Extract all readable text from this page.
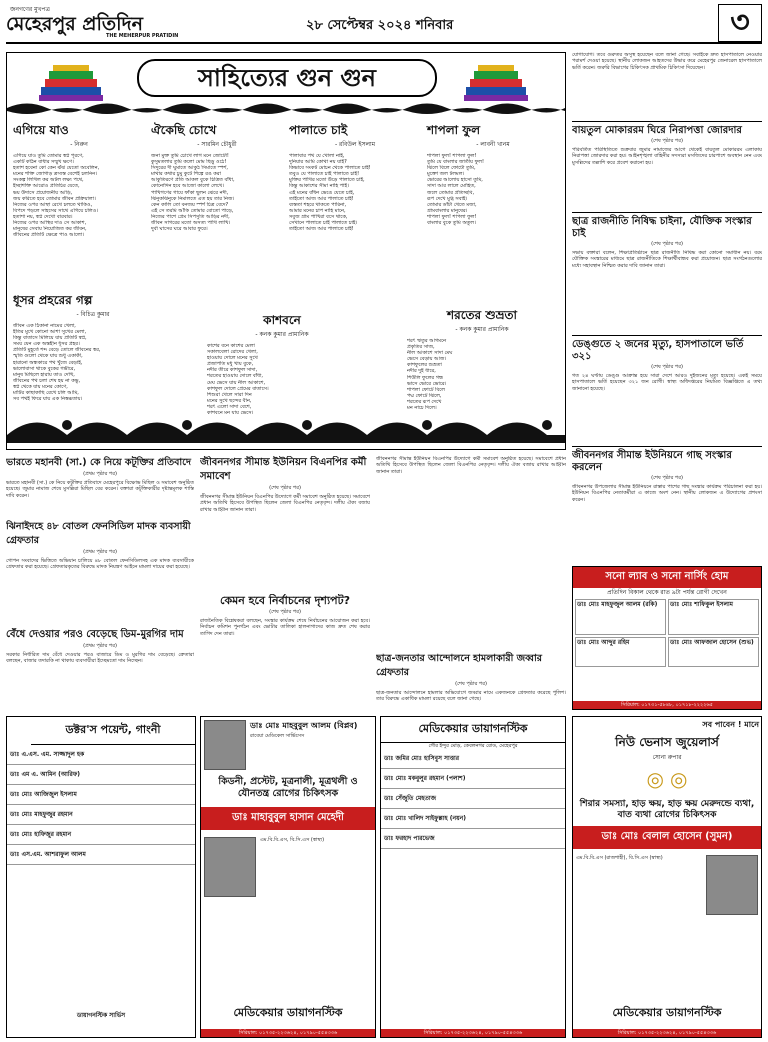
জনগণের মুখপত্র
মেহেরপুর প্রতিদিন
THE MEHERPUR PRATIDIN
২৮ সেপ্টেম্বর ২০২৪ শনিবার	৩
সাহিত্যের গুন গুন
এগিয়ে যাও
- নিরুন
এগিয়ে যাও তুমি তোমার স্বপ্ন পূরণে,
একটি কঠিন বাধার সম্মুখ ক্ষণে।
হতাশ হবেনা কো কেন ঝঁঝ যেতো অবেলিন,
মনের শক্তি জোগাড় ত্রস্যস্ত বেশেই চলনিন।
সংকল্প লিখিল কর অটল লক্ষ্য পথে,
ইচ্ছাশক্তি আরোও প্রতিচির যেতে,
ভয় উদাসে প্রয়োজনীয় আড়ি,
জয় করিতে হবে তোমার জীবন প্রক্রিয়ালা।
নিজের ওপর আস্থা রেখে চলতে থাকিও,
বিপদে পড়লে সাহসের সাথে এগিয়ে চলিও।
হতাশা নয়, স্বপ্ন দেখো বারবার।
নিজের ওপর আস্থির দাও সে আকাশ,
মানুষের সেবায় নিয়োজিত কর জীবন,
জীবনের প্রতিটি ক্ষেত্রে পাও আলো।
ঐকেছি চোখে
- সারমিন চৌধুরী
জনা মুক্ত তুমি চোখে লাগ মনে জোটো!
কুসুমতলার তুমি কলো মোম ছিঁড়ু ওঠে!
সিদুরের দী ঘুমাতে আকুঠ সিমাতে স্পর্শ,
মাথার কথার চুমু কুটে শিল্পে রঙ করা
আকুতিরণে প্রতি আকল বুকে চিত্রিত বাঁধা,
কোনোদিন হবে আজো কালো লেখে।
পাখিগণের গায়ে ফাঁকা ছুলন ঝেরে নদী,
ঝিনুকঝিনুকে নিমালতে এত হয় তার নিজ।
কেন কালি তো বনজয় স্পর্শ চিত্র বেদে?
এই সে তরমি আঁকি তোমার বোতো পাড়ে,
নিজের পাশে প্রেম সিপসুতি আড়ির নদী,
জীবন সাগরের মতো অসত্য পাখি লাখি।
দুর্বা ঘাসের ঘরে আবার ফুরে।
পালাতে চাই
- রবিউল ইসলাম
পালাবার পথ যে খোলা নাই,
দুনিয়ার আমি কোথা নয় যাই?
কিভাবে সংকট মোচন থেকে পালাতে চাই!
তবুও যে পালাতে চাই পালাতে চাই!
মুক্তির পাখির মতো উড়ে পালাতে চাই,
কিন্তু আকাশের সীমা নাহি পাই।
এই মনের বাঁধন ভেঙে যেতে চাই,
তাইতো আজ আর পালাতে চাই!
ব্যস্ততা শহরে থাকতে পারিনা,
আমার মনের চাপ নাহি মানে,
সবুজ গ্রাম পাখিরা বসে থাকে,
সেখানে পালাতে চাই পালাতে চাই।
তাইতো আজ আর পালাতে চাই!
শাপলা ফুল
- লাবনী খানম
শাপলা ফুল! শাপলা ফুল!
তুমি যে বাংলার জাতীয় ফুল!
ঝিলে বিলে ফোটো তুমি,
মুক্তো জল টলমল।
ভোরের আলোয় হাসো তুমি,
সাদা আর লালে মোহিত,
জলে তোমার প্রতিচ্ছবি,
রূপ দেখে মুগ্ধ সবাই।
তোমার ডাঁটা খেতে মজা,
গ্রামবাংলার মানুষের।
শাপলা ফুল! শাপলা ফুল!
বাংলার বুকে তুমি অতুল।
ধূসর প্রহরের গল্প
- বিচিত্র কুমার
জীবন এক ঠিকানা নামের খেলা,
ইতির মুখে কোনো আশা সুখের মেলা,
কিন্তু বাতাসে মিলিয়ে যায় প্রতিটি স্বপ্ন,
সময় যেন এক অন্তহীন ধূসর প্রহর।
প্রতিটি মুহূর্তে শব্দ বেড়ে তোলে জীবনের স্বর,
স্মৃতি গুলো থেকে যায় শুধু একাকী,
হারানো অন্ধকারে পথ খুঁজে বেড়াই,
ভালোবাসা থাকে বুকের গভীরে,
মানুষ মিছিলে হারায় তাও দেখি,
জীবনের পথ চলা শেষ হয় না কভু,
স্বপ্ন থেকে যায় মনের কোণে,
মাটির কাছাকাছি রেখে চলি আমি,
সব পথই ফিরে যায় এক নিস্তব্ধতায়।
কাশবনে
- কনক কুমার প্রামানিক
কাশের বনে কাশের মেলা
সকালবেলা রোদের খেলা,
হাওয়ায় দোলে মনের সুখে
প্রজাপতি মধু খায় বুকে,
নদীর তীরে কাশফুল সাদা,
শরতের হাওয়ায় দোলে বাঁধা,
মেঘ ভেসে যায় নীল আকাশে,
কাশফুল দোলে প্রেমের বাতাসে।
শিশুরা খেলে সারা দিন
মনের সুখে ছন্দের বীন,
শরৎ এলো সাদা বেশে,
কাশবনে মন যায় ভেসে।
শরতের শুভ্রতা
- কনক কুমার প্রামানিক
শরৎ ঋতুর আগমনে
প্রকৃতির সাজ,
নীল আকাশে সাদা মেঘ
ভেসে বেড়ায় আজ।
কাশফুলের শুভ্রতা
নদীর দুই ধারে,
শিউলি ফুলের গন্ধ
ভাসে ভোরে ভোরে।
শাপলা ফোটে বিলে
পদ্ম ফোটে ঝিলে,
শরতের রূপ দেখে
মন নাচে দিলে।
যোগাযোগ। তবে গুরুতর অসুস্থ হয়েছেন বলে জানা গেছে। সবাইকে দ্রুত হাসপাতালে নেওয়ার পরামর্শ দেওয়া হয়েছে। স্থানীয় লোকজন আহতদের উদ্ধার করে মেহেরপুর জেনারেল হাসপাতালে ভর্তি করেন। জরুরি বিভাগের চিকিৎসক প্রাথমিক চিকিৎসা দিয়েছেন।
বায়তুল মোকাররম ঘিরে নিরাপত্তা জোরদার
(শেষ পৃষ্ঠার পর)
পরিবর্তিত পরিস্থিতিতে শুক্রবার জুমার নামাজের আগে থেকেই বায়তুল মোকাররম এলাকায় নিরাপত্তা জোরদার করা হয়। আইনশৃঙ্খলা বাহিনীর সদস্যরা মসজিদের চারপাশে অবস্থান নেন এবং মুসল্লিদের তল্লাশি করে প্রবেশ করানো হয়।
ছাত্র রাজনীতি নিষিদ্ধ চাইনা, যৌক্তিক সংস্কার চাই
(শেষ পৃষ্ঠার পর)
সভায় বক্তারা বলেন, শিক্ষাপ্রতিষ্ঠানে ছাত্র রাজনীতি নিষিদ্ধ করা কোনো সমাধান নয়। বরং যৌক্তিক সংস্কারের মাধ্যমে ছাত্র রাজনীতিকে শিক্ষার্থীবান্ধব করা প্রয়োজন। ছাত্র সংগঠনগুলোর মধ্যে সহাবস্থান নিশ্চিত করার দাবি জানান তারা।
ডেঙ্গুতে ২ জনের মৃত্যু, হাসপাতালে ভর্তি ৩২১
(শেষ পৃষ্ঠার পর)
গত ২৪ ঘণ্টায় ডেঙ্গু আক্রান্ত হয়ে সারা দেশে আরও দুইজনের মৃত্যু হয়েছে। একই সময়ে হাসপাতালে ভর্তি হয়েছেন ৩২১ জন রোগী। স্বাস্থ্য অধিদপ্তরের নিয়মিত বিজ্ঞপ্তিতে এ তথ্য জানানো হয়েছে।
জীবননগর সীমান্ত ইউনিয়নে গাছ সংস্কার করলেন
(শেষ পৃষ্ঠার পর)
জীবননগর উপজেলার সীমান্ত ইউনিয়নে রাস্তার পাশের গাছ সংস্কার কার্যক্রম পরিচালনা করা হয়। ইউনিয়ন বিএনপির নেতাকর্মীরা এ কাজে অংশ নেন। স্থানীয় লোকজন এ উদ্যোগের প্রশংসা করেন।
ভারতে মহানবী (সা.) কে নিয়ে কটূক্তির প্রতিবাদে
(প্রথম পৃষ্ঠার পর)
ভারতে মহানবী (সা.) কে নিয়ে কটূক্তির প্রতিবাদে মেহেরপুরে বিক্ষোভ মিছিল ও সমাবেশ অনুষ্ঠিত হয়েছে। জুমার নামাজ শেষে মুসল্লিরা মিছিল বের করেন। বক্তারা কটূক্তিকারীর দৃষ্টান্তমূলক শাস্তি দাবি করেন।
ঝিনাইদহে ৪৮ বোতল ফেনসিডিল মাদক ব্যবসায়ী গ্রেফতার
(প্রথম পৃষ্ঠার পর)
গোপন সংবাদের ভিত্তিতে অভিযান চালিয়ে ৪৮ বোতল ফেনসিডিলসহ এক মাদক ব্যবসায়ীকে গ্রেফতার করা হয়েছে। গ্রেফতারকৃতের বিরুদ্ধে মাদক নিয়ন্ত্রণ আইনে মামলা দায়ের করা হয়েছে।
বেঁধে দেওয়ার পরও বেড়েছে ডিম-মুরগির দাম
(প্রথম পৃষ্ঠার পর)
সরকার নির্ধারিত দাম বেঁধে দেওয়ার পরও বাজারে ডিম ও মুরগির দাম বেড়েছে। ক্রেতারা বলছেন, বাজার তদারকি না থাকায় ব্যবসায়ীরা ইচ্ছেমতো দাম নিচ্ছেন।
জীবননগর সীমান্ত ইউনিয়ন বিএনপির কর্মী সমাবেশ
(শেষ পৃষ্ঠার পর)
জীবননগর সীমান্ত ইউনিয়ন বিএনপির উদ্যোগে কর্মী সমাবেশ অনুষ্ঠিত হয়েছে। সমাবেশে প্রধান অতিথি হিসেবে উপস্থিত ছিলেন জেলা বিএনপির নেতৃবৃন্দ। দলীয় ঐক্য বজায় রাখার আহ্বান জানান তারা।
কেমন হবে নির্বাচনের দৃশ্যপট?
(শেষ পৃষ্ঠার পর)
রাজনৈতিক বিশ্লেষকরা বলছেন, সংস্কার কার্যক্রম শেষে নির্বাচনের আয়োজন করা হবে। নির্বাচন কমিশন পুনর্গঠন এবং ভোটার তালিকা হালনাগাদের কাজ দ্রুত শেষ করার তাগিদ দেন তারা।
জীবননগর সীমান্ত ইউনিয়ন বিএনপির উদ্যোগে কর্মী সমাবেশ অনুষ্ঠিত হয়েছে। সমাবেশে প্রধান অতিথি হিসেবে উপস্থিত ছিলেন জেলা বিএনপির নেতৃবৃন্দ। দলীয় ঐক্য বজায় রাখার আহ্বান জানান তারা।
ছাত্র-জনতার আন্দোলনে হামলাকারী জব্বার গ্রেফতার
(শেষ পৃষ্ঠার পর)
ছাত্র-জনতার আন্দোলনে হামলার অভিযোগে জব্বার নামে একজনকে গ্রেফতার করেছে পুলিশ। তার বিরুদ্ধে একাধিক মামলা রয়েছে বলে জানা গেছে।
সনো ল্যাব ও সনো নার্সিং হোম
প্রতিদিন বিকাল থেকে রাত ৯টা পর্যন্ত রোগী দেখেন
ডাঃ মোঃ মাহফুজুল আলম (রকি)	ডাঃ মোঃ শাফিকুল ইসলাম
ডাঃ মোঃ আব্দুর রহিম	ডাঃ মোঃ আফজাল হোসেন (শুভ)
সিরিয়াল: ০১৭৩১-৫৮৪৮, ০১৭১৮-২২২২৬৫
ডক্টর'স পয়েন্ট, গাংনী
ডাঃ এ.এস. এম. সাজ্জাদুল হক
ডাঃ এম এ. আমিন (আরিফ)
ডাঃ মোঃ আজিজুল ইসলাম
ডাঃ মোঃ মাহফুজুর রহমান
ডাঃ মোঃ হাফিজুর রহমান
ডাঃ এস.এম. আশরাফুল আলম
ডায়াগনস্টিক সার্ভিস
ডাঃ মোঃ মাহবুবুল আলম (বিপ্লব)
রাবেয়া মেডিকেল সার্ভিসেস
কিডনী, প্রস্টেট, মূত্রনালী, মূত্রথলী ও যৌনতন্ত্র রোগের চিকিৎসক
ডাঃ মাহাবুবুল হাসান মেহেদী
এম.বি.বি.এস, বি.সি.এস (স্বাস্থ্য)
মেডিকেয়ার ডায়াগনস্টিক
সিরিয়াল: ০১৭৩৫-২২৩৬২৪, ০১৭৯০-৫৫৪৩৩৬
মেডিকেয়ার ডায়াগনস্টিক
গৌর ইন্দুর মোড়, কেবলনগর রোড, মেহেরপুর
ডাঃ জমির মোঃ হাসিবুস সাত্তার
ডাঃ মোঃ মকবুলুর রহমান (পলাশ)
ডাঃ সেঁজুতি মেহতাজ
ডাঃ মোঃ খালিদ সাইফুল্লাহ (নয়ন)
ডাঃ ফরহাদ পারভেজ
সিরিয়াল: ০১৭৩৫-২২৩৬২৪, ০১৭৯০-৫৫৪৩৩৬
সব পাবেন ! মানে
নিউ ভেনাস জুয়েলার্স
সোনা রুপার
◎ ◎
শিরার সমস্যা, হাড় ক্ষয়, হাড় ক্ষয় মেরুদন্ডে ব্যথা, বাত ব্যথা রোগের চিকিৎসক
ডাঃ মোঃ বেলাল হোসেন (সুমন)
এম.বি.বি.এস (রাজশাহী), বি.সি.এস (স্বাস্থ্য)
মেডিকেয়ার ডায়াগনস্টিক
সিরিয়াল: ০১৭৩৫-২২৩৬২৪, ০১৭৯০-৫৫৪৩৩৬
